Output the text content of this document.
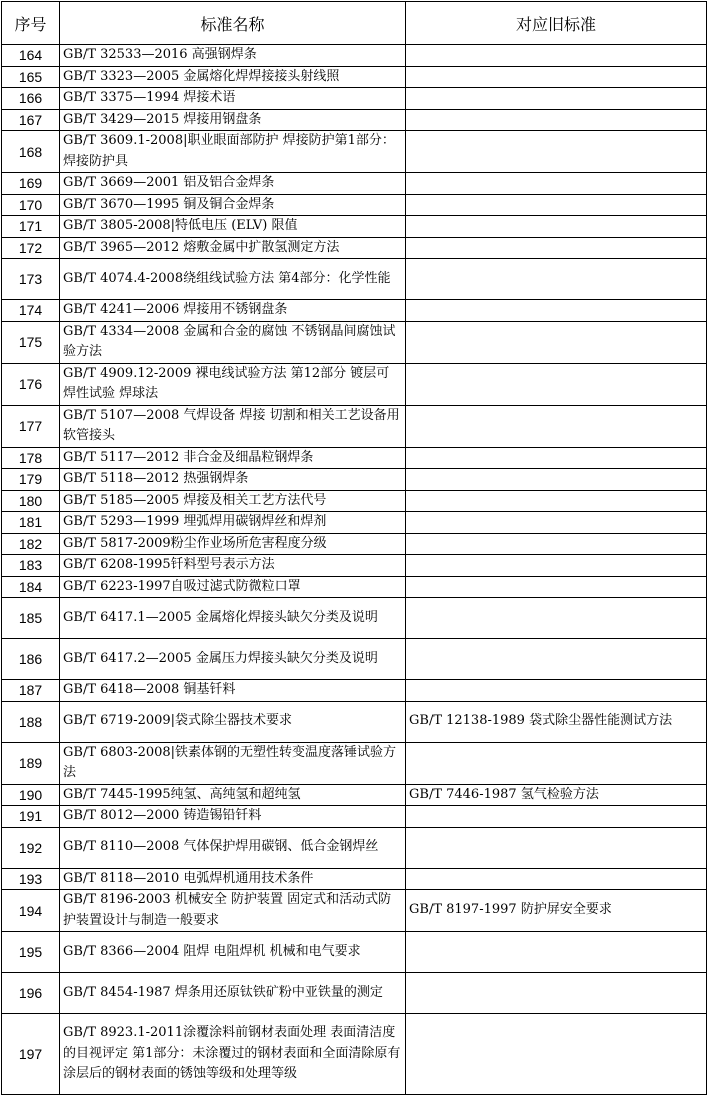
序号	标准名称	对应旧标准
164	GB/T 32533—2016 高强钢焊条	
165	GB/T 3323—2005 金属熔化焊焊接接头射线照	
166	GB/T 3375—1994 焊接术语	
167	GB/T 3429—2015 焊接用钢盘条	
168	GB/T 3609.1-2008|职业眼面部防护 焊接防护第1部分：焊接防护具	
169	GB/T 3669—2001 铝及铝合金焊条	
170	GB/T 3670—1995 铜及铜合金焊条	
171	GB/T 3805-2008|特低电压 (ELV) 限值	
172	GB/T 3965—2012 熔敷金属中扩散氢测定方法	
173	GB/T 4074.4-2008绕组线试验方法 第4部分：化学性能	
174	GB/T 4241—2006 焊接用不锈钢盘条	
175	GB/T 4334—2008 金属和合金的腐蚀 不锈钢晶间腐蚀试验方法	
176	GB/T 4909.12-2009 裸电线试验方法 第12部分 镀层可焊性试验 焊球法	
177	GB/T 5107—2008 气焊设备 焊接 切割和相关工艺设备用软管接头	
178	GB/T 5117—2012 非合金及细晶粒钢焊条	
179	GB/T 5118—2012 热强钢焊条	
180	GB/T 5185—2005 焊接及相关工艺方法代号	
181	GB/T 5293—1999 埋弧焊用碳钢焊丝和焊剂	
182	GB/T 5817-2009粉尘作业场所危害程度分级	
183	GB/T 6208-1995钎料型号表示方法	
184	GB/T 6223-1997自吸过滤式防微粒口罩	
185	GB/T 6417.1—2005 金属熔化焊接头缺欠分类及说明	
186	GB/T 6417.2—2005 金属压力焊接头缺欠分类及说明	
187	GB/T 6418—2008 铜基钎料	
188	GB/T 6719-2009|袋式除尘器技术要求	GB/T 12138-1989 袋式除尘器性能测试方法
189	GB/T 6803-2008|铁素体钢的无塑性转变温度落锤试验方法	
190	GB/T 7445-1995纯氢、高纯氢和超纯氢	GB/T 7446-1987 氢气检验方法
191	GB/T 8012—2000 铸造锡铅钎料	
192	GB/T 8110—2008 气体保护焊用碳钢、低合金钢焊丝	
193	GB/T 8118—2010 电弧焊机通用技术条件	
194	GB/T 8196-2003 机械安全 防护装置 固定式和活动式防护装置设计与制造一般要求	GB/T 8197-1997 防护屏安全要求
195	GB/T 8366—2004 阻焊 电阻焊机 机械和电气要求	
196	GB/T 8454-1987 焊条用还原钛铁矿粉中亚铁量的测定	
197	GB/T 8923.1-2011涂覆涂料前钢材表面处理 表面清洁度的目视评定 第1部分：未涂覆过的钢材表面和全面清除原有涂层后的钢材表面的锈蚀等级和处理等级	
